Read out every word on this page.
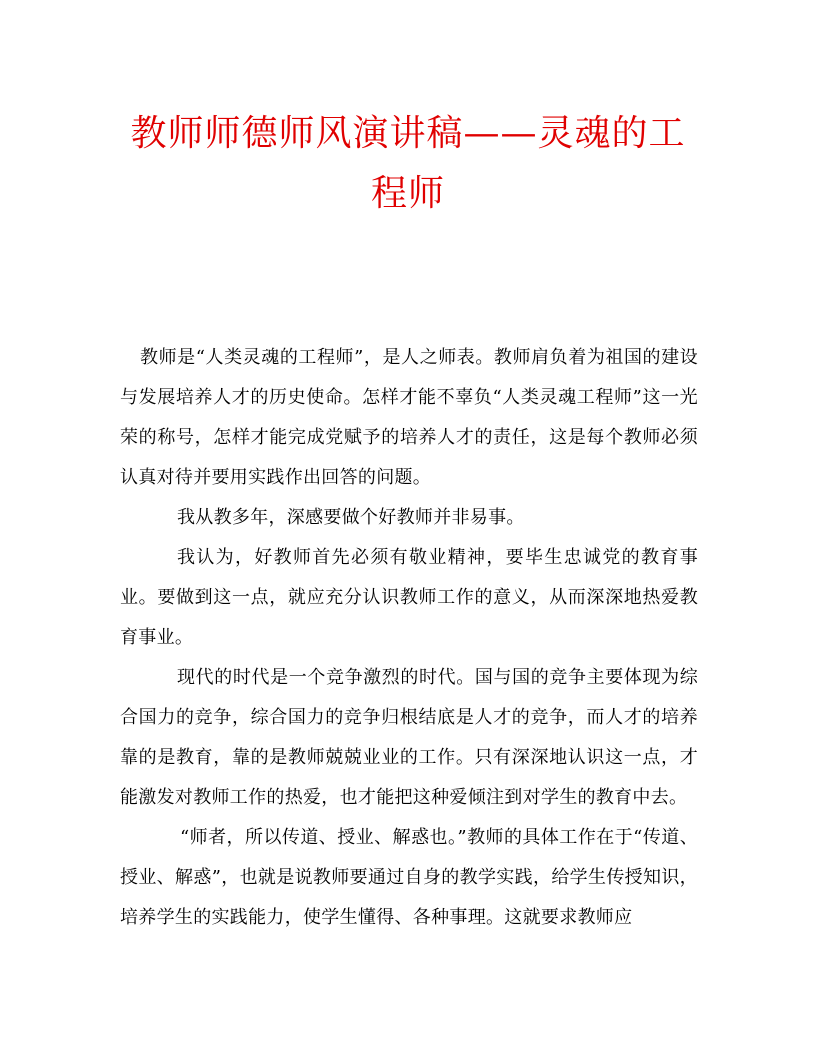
教师师德师风演讲稿——灵魂的工程师

教师是“人类灵魂的工程师”，是人之师表。教师肩负着为祖国的建设与发展培养人才的历史使命。怎样才能不辜负“人类灵魂工程师”这一光荣的称号，怎样才能完成党赋予的培养人才的责任，这是每个教师必须认真对待并要用实践作出回答的问题。

我从教多年，深感要做个好教师并非易事。

我认为，好教师首先必须有敬业精神，要毕生忠诚党的教育事业。要做到这一点，就应充分认识教师工作的意义，从而深深地热爱教育事业。

现代的时代是一个竞争激烈的时代。国与国的竞争主要体现为综合国力的竞争，综合国力的竞争归根结底是人才的竞争，而人才的培养靠的是教育，靠的是教师兢兢业业的工作。只有深深地认识这一点，才能激发对教师工作的热爱，也才能把这种爱倾注到对学生的教育中去。

“师者，所以传道、授业、解惑也。”教师的具体工作在于“传道、授业、解惑”，也就是说教师要通过自身的教学实践，给学生传授知识，培养学生的实践能力，使学生懂得、各种事理。这就要求教师应
